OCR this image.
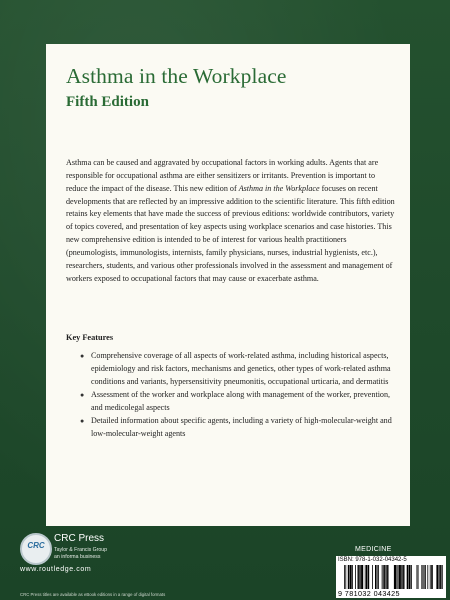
Asthma in the Workplace
Fifth Edition

Asthma can be caused and aggravated by occupational factors in working adults. Agents that are responsible for occupational asthma are either sensitizers or irritants. Prevention is important to reduce the impact of the disease. This new edition of Asthma in the Workplace focuses on recent developments that are reflected by an impressive addition to the scientific literature. This fifth edition retains key elements that have made the success of previous editions: worldwide contributors, variety of topics covered, and presentation of key aspects using workplace scenarios and case histories. This new comprehensive edition is intended to be of interest for various health practitioners (pneumologists, immunologists, internists, family physicians, nurses, industrial hygienists, etc.), researchers, students, and various other professionals involved in the assessment and management of workers exposed to occupational factors that may cause or exacerbate asthma.

Key Features
● Comprehensive coverage of all aspects of work-related asthma, including historical aspects, epidemiology and risk factors, mechanisms and genetics, other types of work-related asthma conditions and variants, hypersensitivity pneumonitis, occupational urticaria, and dermatitis
● Assessment of the worker and workplace along with management of the worker, prevention, and medicolegal aspects
● Detailed information about specific agents, including a variety of high-molecular-weight and low-molecular-weight agents
CRC
CRC Press
Taylor & Francis Group
an informa business
www.routledge.com
CRC Press titles are available as eBook editions in a range of digital formats
MEDICINE
ISBN: 978-1-032-04342-5
9 781032 043425
